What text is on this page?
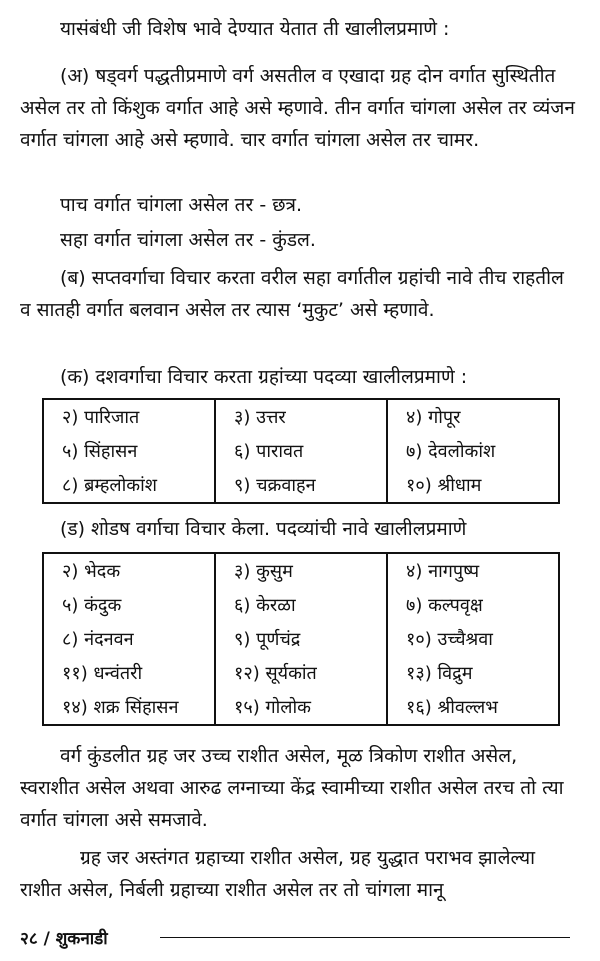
यासंबंधी जी विशेष भावे देण्यात येतात ती खालीलप्रमाणे :

(अ) षड्वर्ग पद्धतीप्रमाणे वर्ग असतील व एखादा ग्रह दोन वर्गात सुस्थितीत असेल तर तो किंशुक वर्गात आहे असे म्हणावे. तीन वर्गात चांगला असेल तर व्यंजन वर्गात चांगला आहे असे म्हणावे. चार वर्गात चांगला असेल तर चामर.

पाच वर्गात चांगला असेल तर - छत्र.
सहा वर्गात चांगला असेल तर - कुंडल.

(ब) सप्तवर्गाचा विचार करता वरील सहा वर्गातील ग्रहांची नावे तीच राहतील व सातही वर्गात बलवान असेल तर त्यास ‘मुकुट’ असे म्हणावे.

(क) दशवर्गाचा विचार करता ग्रहांच्या पदव्या खालीलप्रमाणे :
२) पारिजात	३) उत्तर	४) गोपूर
५) सिंहासन	६) पारावत	७) देवलोकांश
८) ब्रम्हलोकांश	९) चक्रवाहन	१०) श्रीधाम
(ड) शोडष वर्गाचा विचार केला. पदव्यांची नावे खालीलप्रमाणे
२) भेदक	३) कुसुम	४) नागपुष्प
५) कंदुक	६) केरळा	७) कल्पवृक्ष
८) नंदनवन	९) पूर्णचंद्र	१०) उच्चैश्रवा
११) धन्वंतरी	१२) सूर्यकांत	१३) विद्रुम
१४) शक्र सिंहासन	१५) गोलोक	१६) श्रीवल्लभ

वर्ग कुंडलीत ग्रह जर उच्च राशीत असेल, मूळ त्रिकोण राशीत असेल, स्वराशीत असेल अथवा आरुढ लग्नाच्या केंद्र स्वामीच्या राशीत असेल तरच तो त्या वर्गात चांगला असे समजावे.

ग्रह जर अस्तंगत ग्रहाच्या राशीत असेल, ग्रह युद्धात पराभव झालेल्या राशीत असेल, निर्बली ग्रहाच्या राशीत असेल तर तो चांगला मानू

२८ / शुकनाडी
